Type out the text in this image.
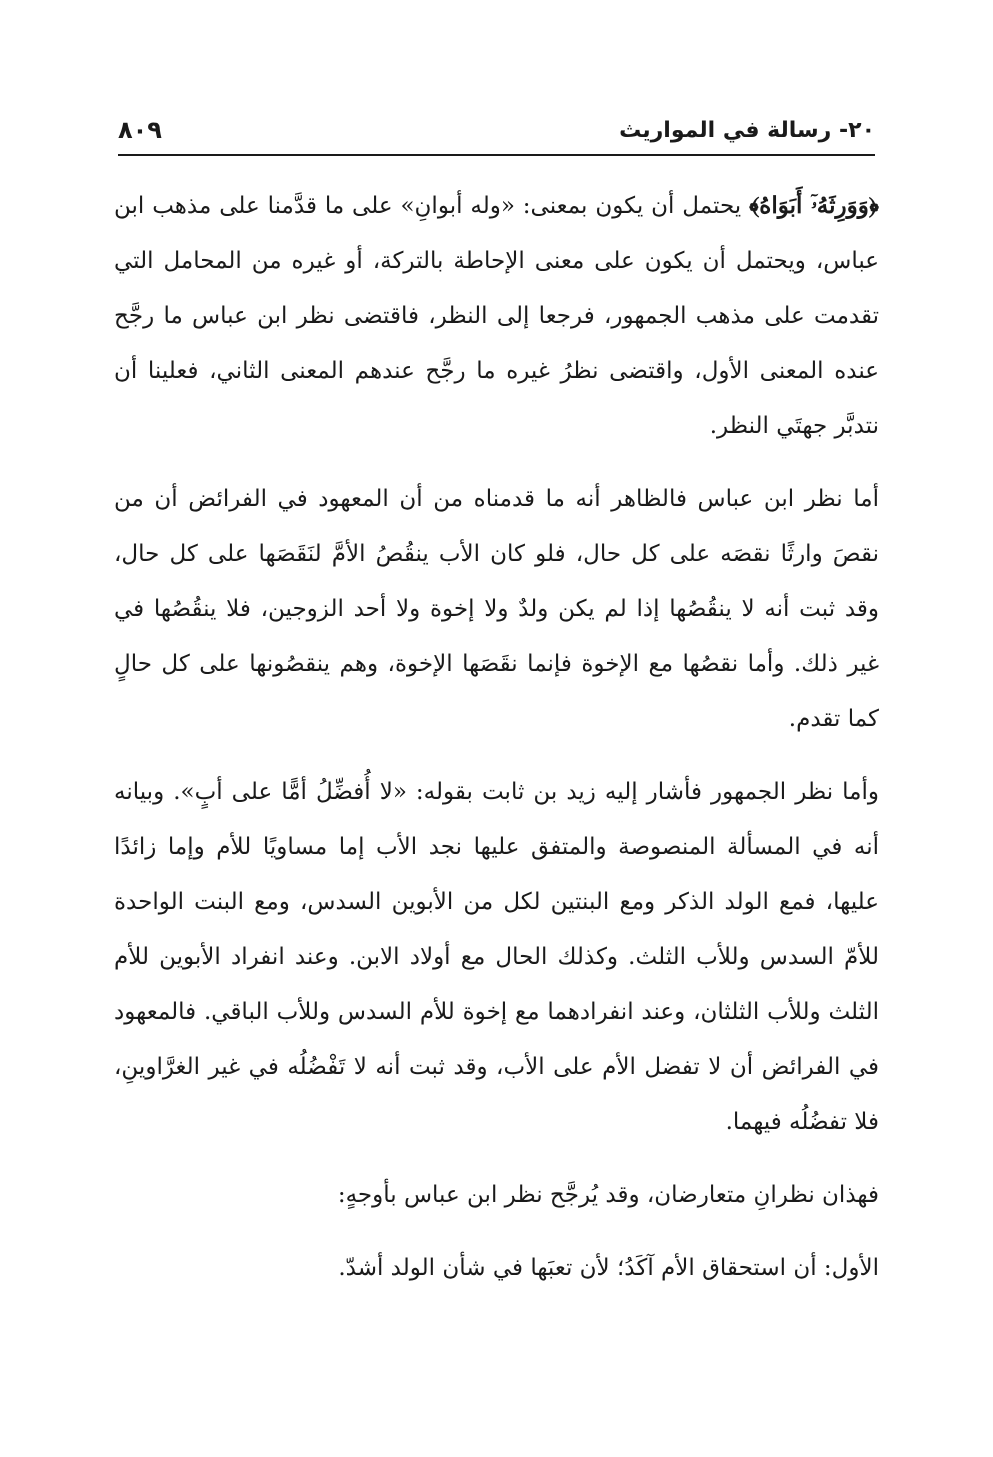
٢٠- رسالة في المواريث
٨٠٩

﴿وَوَرِثَهُۥٓ أَبَوَاهُ﴾ يحتمل أن يكون بمعنى: «وله أبوانِ» على ما قدَّمنا على مذهب ابن عباس، ويحتمل أن يكون على معنى الإحاطة بالتركة، أو غيره من المحامل التي تقدمت على مذهب الجمهور، فرجعا إلى النظر، فاقتضى نظر ابن عباس ما رجَّح عنده المعنى الأول، واقتضى نظرُ غيره ما رجَّح عندهم المعنى الثاني، فعلينا أن نتدبَّر جهتَي النظر.

أما نظر ابن عباس فالظاهر أنه ما قدمناه من أن المعهود في الفرائض أن من نقصَ وارثًا نقصَه على كل حال، فلو كان الأب ينقُصُ الأمَّ لنَقَصَها على كل حال، وقد ثبت أنه لا ينقُصُها إذا لم يكن ولدٌ ولا إخوة ولا أحد الزوجين، فلا ينقُصُها في غير ذلك. وأما نقصُها مع الإخوة فإنما نقَصَها الإخوة، وهم ينقصُونها على كل حالٍ كما تقدم.

وأما نظر الجمهور فأشار إليه زيد بن ثابت بقوله: «لا أُفضِّلُ أمًّا على أبٍ». وبيانه أنه في المسألة المنصوصة والمتفق عليها نجد الأب إما مساويًا للأم وإما زائدًا عليها، فمع الولد الذكر ومع البنتين لكل من الأبوين السدس، ومع البنت الواحدة للأمّ السدس وللأب الثلث. وكذلك الحال مع أولاد الابن. وعند انفراد الأبوين للأم الثلث وللأب الثلثان، وعند انفرادهما مع إخوة للأم السدس وللأب الباقي. فالمعهود في الفرائض أن لا تفضل الأم على الأب، وقد ثبت أنه لا تَفْضُلُه في غير الغرَّاوينِ، فلا تفضُلُه فيهما.

فهذان نظرانِ متعارضان، وقد يُرجَّح نظر ابن عباس بأوجهٍ:

الأول: أن استحقاق الأم آكَدُ؛ لأن تعبَها في شأن الولد أشدّ.
